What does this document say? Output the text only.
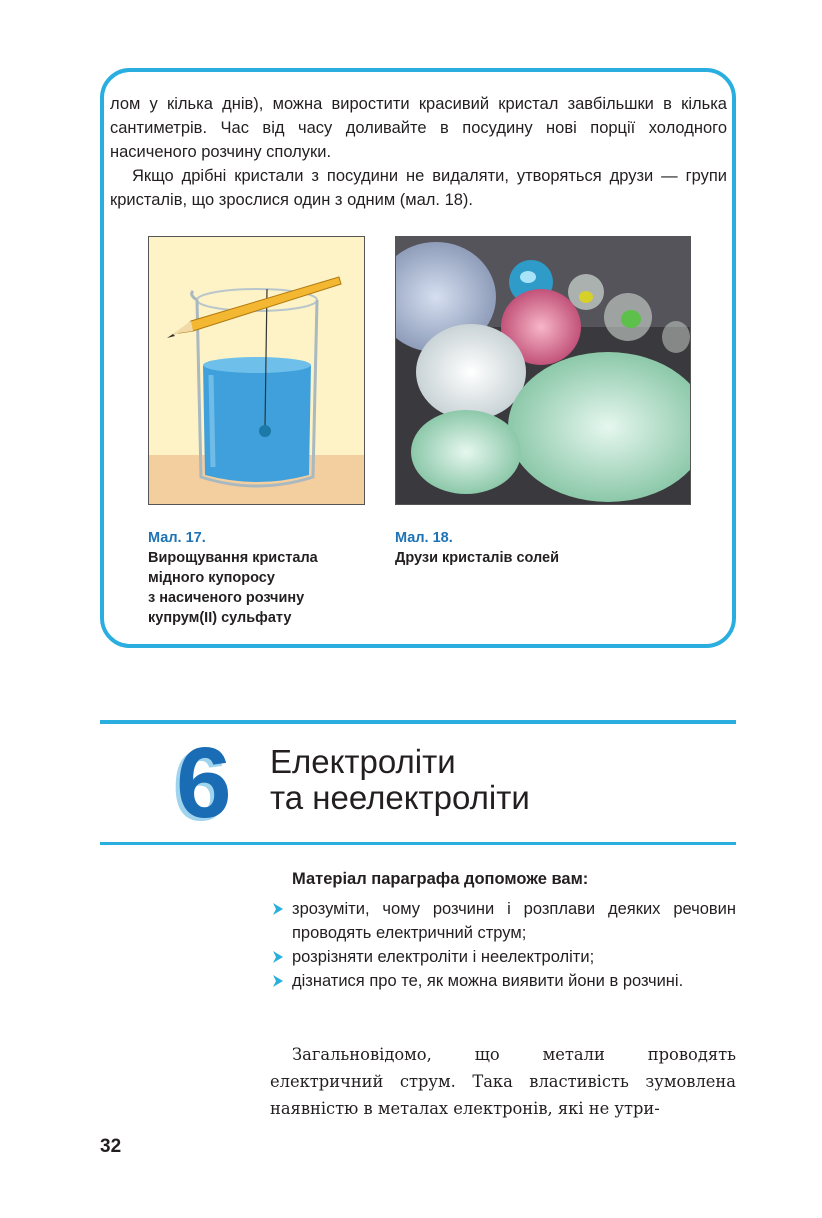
лом у кілька днів), можна виростити красивий кристал завбільшки в кілька сантиметрів. Час від часу доливайте в посудину нові порції холодного насиченого розчину сполуки.

Якщо дрібні кристали з посудини не видаляти, утворяться друзи — групи кристалів, що зрослися один з одним (мал. 18).

Мал. 17.
Вирощування кристала
мідного купоросу
з насиченого розчину
купрум(ІІ) сульфату
Мал. 18.
Друзи кристалів солей
6	Електроліти
та неелектроліти
Матеріал параграфа допоможе вам:
зрозуміти, чому розчини і розплави деяких речовин проводять електричний струм;
розрізняти електроліти і неелектроліти;
дізнатися про те, як можна виявити йони в розчині.
Загальновідомо, що метали проводять електричний струм. Така властивість зумовлена наявністю в металах електронів, які не утри-
32
